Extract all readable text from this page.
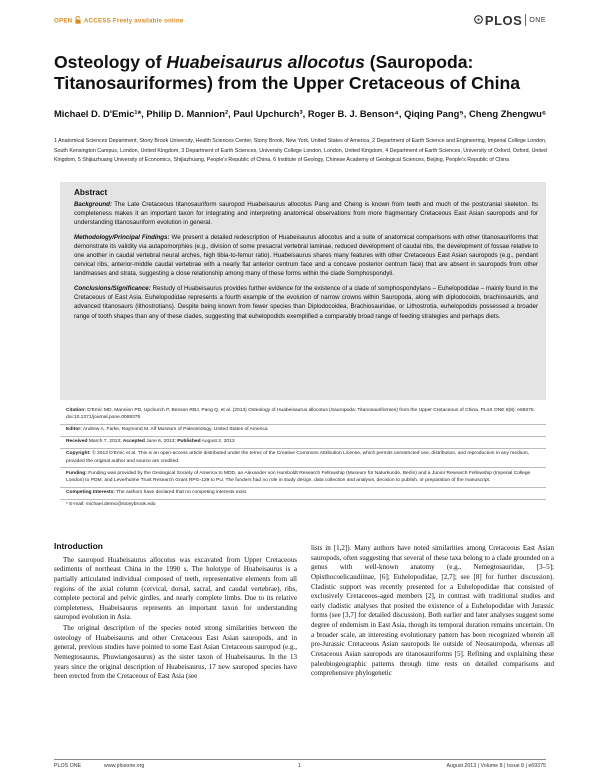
OPEN ACCESS Freely available online	PLOS ONE
Osteology of Huabeisaurus allocotus (Sauropoda: Titanosauriformes) from the Upper Cretaceous of China
Michael D. D'Emic¹*, Philip D. Mannion², Paul Upchurch³, Roger B. J. Benson⁴, Qiqing Pang⁵, Cheng Zhengwu⁶
1 Anatomical Sciences Department, Stony Brook University, Health Sciences Center, Stony Brook, New York, United States of America, 2 Department of Earth Science and Engineering, Imperial College London, South Kensington Campus, London, United Kingdom, 3 Department of Earth Sciences, University College London, London, United Kingdom, 4 Department of Earth Sciences, University of Oxford, Oxford, United Kingdom, 5 Shijiazhuang University of Economics, Shijiazhuang, People's Republic of China, 6 Institute of Geology, Chinese Academy of Geological Sciences, Beijing, People's Republic of China
Abstract

Background: The Late Cretaceous titanosauriform sauropod Huabeisaurus allocotus Pang and Cheng is known from teeth and much of the postcranial skeleton. Its completeness makes it an important taxon for integrating and interpreting anatomical observations from more fragmentary Cretaceous East Asian sauropods and for understanding titanosauriform evolution in general.

Methodology/Principal Findings: We present a detailed redescription of Huabeisaurus allocotus and a suite of anatomical comparisons with other titanosauriforms that demonstrate its validity via autapomorphies (e.g., division of some presacral vertebral laminae, reduced development of caudal ribs, the development of fossae relative to one another in caudal vertebral neural arches, high tibia-to-femur ratio). Huabeisaurus shares many features with other Cretaceous East Asian sauropods (e.g., pendant cervical ribs, anterior-middle caudal vertebrae with a nearly flat anterior centrum face and a concave posterior centrum face) that are absent in sauropods from other landmasses and strata, suggesting a close relationship among many of these forms within the clade Somphospondyli.

Conclusions/Significance: Restudy of Huabeisaurus provides further evidence for the existence of a clade of somphospondylans – Euhelopodidae – mainly found in the Cretaceous of East Asia. Euhelopodidae represents a fourth example of the evolution of narrow crowns within Sauropoda, along with diplodocoids, brachiosaurids, and advanced titanosaurs (lithostrotians). Despite being known from fewer species than Diplodocoidea, Brachiosauridae, or Lithostrotia, euhelopodids possessed a broader range of tooth shapes than any of these clades, suggesting that euhelopodids exemplified a comparably broad range of feeding strategies and perhaps diets.

Citation: D'Emic MD, Mannion PD, Upchurch P, Benson RBJ, Pang Q, et al. (2013) Osteology of Huabeisaurus allocotus (Sauropoda: Titanosauriformes) from the Upper Cretaceous of China. PLoS ONE 8(8): e69375. doi:10.1371/journal.pone.0069375
Editor: Andrew A. Farke, Raymond M. Alf Museum of Paleontology, United States of America
Received March 7, 2013; Accepted June 6, 2013; Published August 2, 2013
Copyright: © 2013 D'Emic et al. This is an open-access article distributed under the terms of the Creative Commons Attribution License, which permits unrestricted use, distribution, and reproduction in any medium, provided the original author and source are credited.
Funding: Funding was provided by the Geological Society of America to MDD, an Alexander von Humboldt Research Fellowship (Museum für Naturkunde, Berlin) and a Junior Research Fellowship (Imperial College London) to PDM, and Leverhulme Trust Research Grant RPG-129 to PU. The funders had no role in study design, data collection and analysis, decision to publish, or preparation of the manuscript.
Competing Interests: The authors have declared that no competing interests exist.
* E-mail: michael.demic@stonybrook.edu
Introduction

The sauropod Huabeisaurus allocotus was excavated from Upper Cretaceous sediments of northeast China in the 1990 s. The holotype of Huabeisaurus is a partially articulated individual composed of teeth, representative elements from all regions of the axial column (cervical, dorsal, sacral, and caudal vertebrae), ribs, complete pectoral and pelvic girdles, and nearly complete limbs. Due to its relative completeness, Huabeisaurus represents an important taxon for understanding sauropod evolution in Asia.

The original description of the species noted strong similarities between the osteology of Huabeisaurus and other Cretaceous East Asian sauropods, and in general, previous studies have pointed to some East Asian Cretaceous sauropod (e.g., Nemegtosaurus, Phuwiangosaurus) as the sister taxon of Huabeisaurus. In the 13 years since the original description of Huabeisaurus, 17 new sauropod species have been erected from the Cretaceous of East Asia (see

lists in [1,2]). Many authors have noted similarities among Cretaceous East Asian sauropods, often suggesting that several of these taxa belong to a clade grounded on a genus with well-known anatomy (e.g., Nemegtosauridae, [3–5]; Opisthocoelicaudiinae, [6]; Euhelopodidae, [2,7]; see [8] for further discussion). Cladistic support was recently presented for a Euhelopodidae that consisted of exclusively Cretaceous-aged members [2], in contrast with traditional studies and early cladistic analyses that posited the existence of a Euhelopodidae with Jurassic forms (see [3,7] for detailed discussion). Both earlier and later analyses suggest some degree of endemism in East Asia, though its temporal duration remains uncertain. On a broader scale, an interesting evolutionary pattern has been recognized wherein all pre-Jurassic Cretaceous Asian sauropods lie outside of Neosauropoda, whereas all Cretaceous Asian sauropods are titanosauriforms [5]. Refining and explaining these paleobiogeographic patterns through time rests on detailed comparisons and comprehensive phylogenetic

PLOS ONE	www.plosone.org	1	August 2013 | Volume 8 | Issue 8 | e69375
